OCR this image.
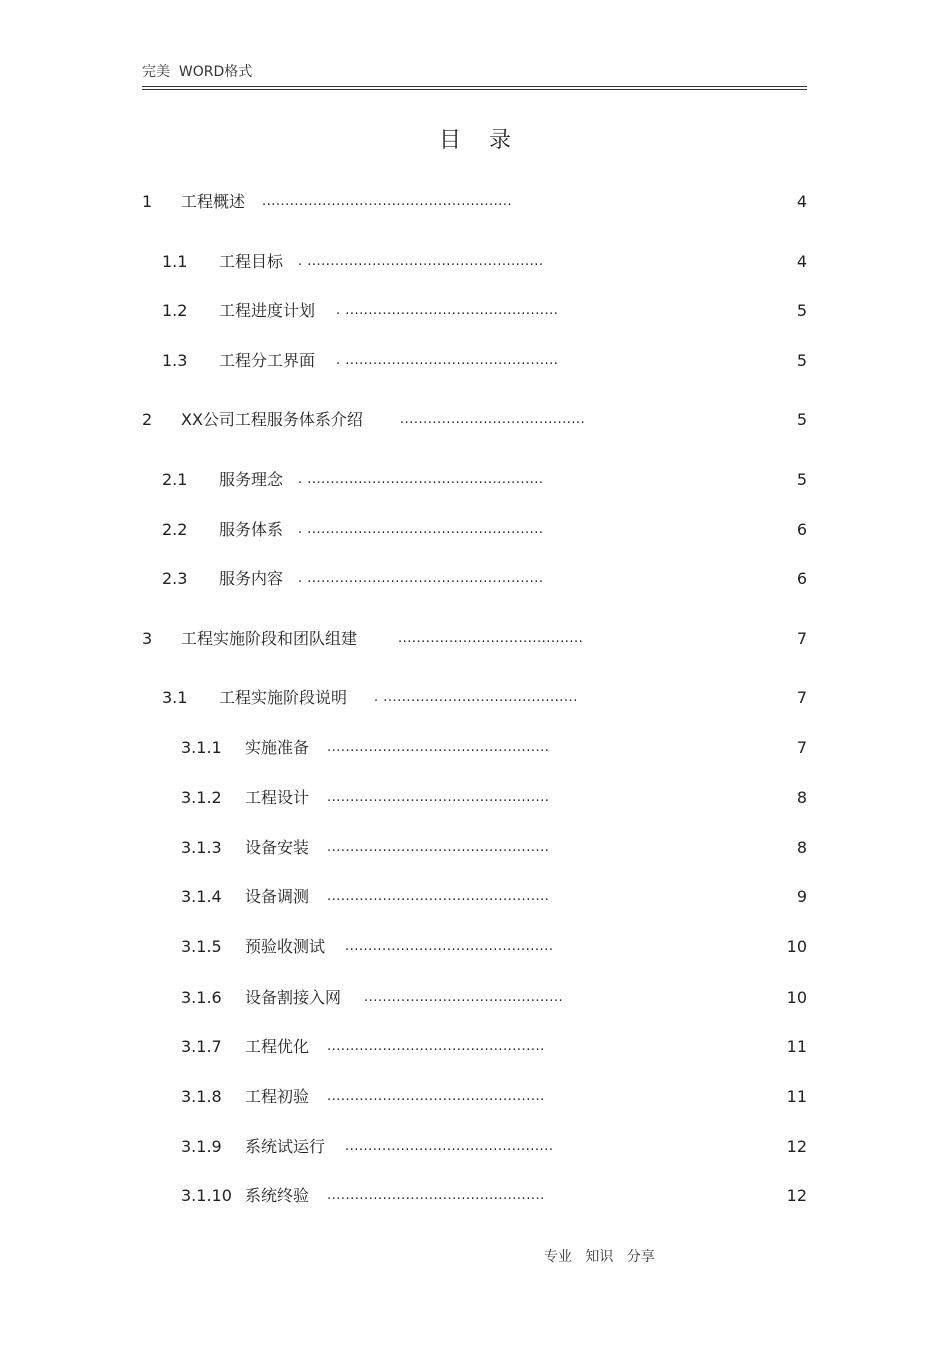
完美  WORD格式
目录
1 工程概述 ......................................................	4
1.1 工程目标 . ...................................................	4
1.2 工程进度计划 . ..............................................	5
1.3 工程分工界面 . ..............................................	5
2 XX公司工程服务体系介绍	........................................	5
2.1 服务理念 . ...................................................	5
2.2 服务体系 . ...................................................	6
2.3 服务内容 . ...................................................	6
3 工程实施阶段和团队组建	........................................	7
3.1 工程实施阶段说明 . ..........................................	7
3.1.1 实施准备 ................................................	7
3.1.2 工程设计 ................................................	8
3.1.3 设备安装 ................................................	8
3.1.4 设备调测 ................................................	9
3.1.5 预验收测试 .............................................	10
3.1.6 设备割接入网 ...........................................	10
3.1.7 工程优化 ...............................................	11
3.1.8 工程初验 ...............................................	11
3.1.9 系统试运行 .............................................	12
3.1.10 系统终验 ...............................................	12
专业   知识   分享
